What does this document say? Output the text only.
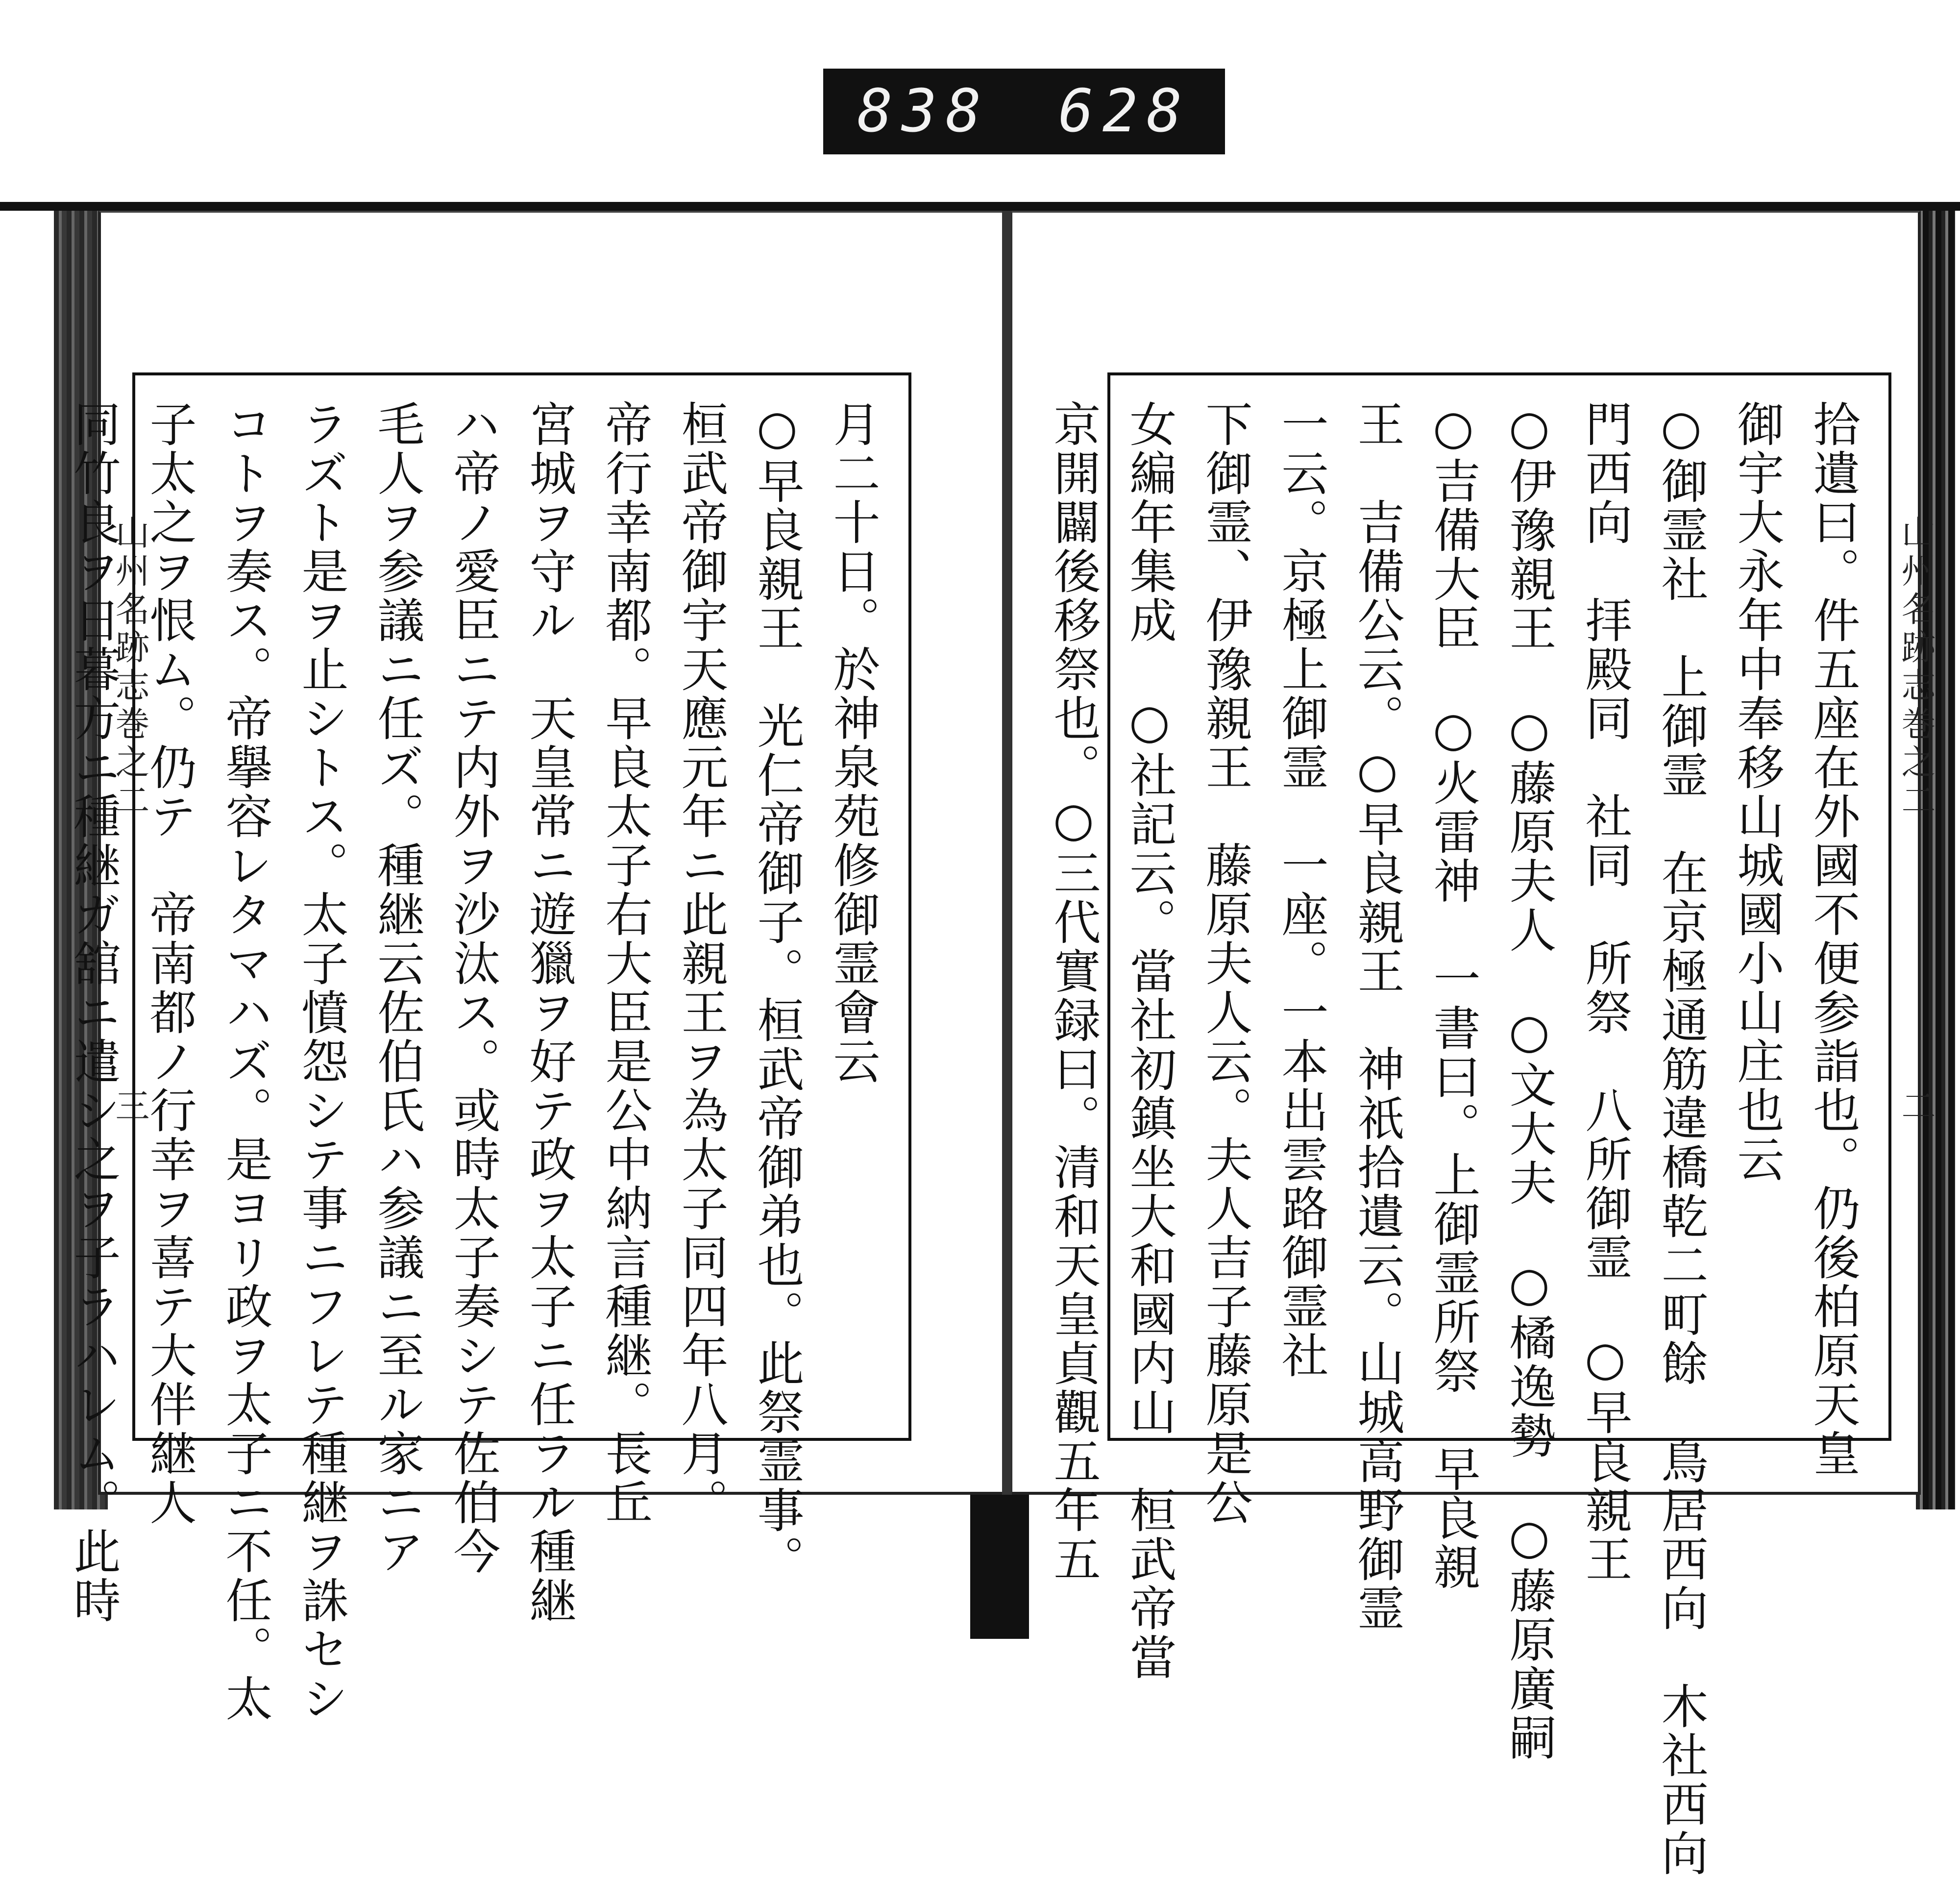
838 628
山州名跡志巻之二
三
山州名跡志巻之二
二
拾遺曰。件五座在外國不便参詣也。仍後柏原天皇
御宇大永年中奉移山城國小山庄也云
○御霊社　上御霊　在京極通筋違橋乾二町餘　鳥居西向　木社西向
門西向　拝殿同　社同　所祭　八所御霊　○早良親王
○伊豫親王　○藤原夫人　○文大夫　○橘逸勢　○藤原廣嗣
○吉備大臣　○火雷神　一書曰。上御霊所祭　早良親
王　吉備公云。○早良親王　神祇拾遺云。山城高野御霊
一云。京極上御霊　一座。一本出雲路御霊社
下御霊、伊豫親王　藤原夫人云。夫人吉子藤原是公
女編年集成　○社記云。當社初鎮坐大和國内山　桓武帝當
京開闢後移祭也。○三代實録曰。清和天皇貞觀五年五
月二十日。於神泉苑修御霊會云
○早良親王　光仁帝御子。桓武帝御弟也。此祭霊事。
桓武帝御宇天應元年ニ此親王ヲ為太子同四年八月。
帝行幸南都。早良太子右大臣是公中納言種継。長丘
宮城ヲ守ル　天皇常ニ遊獵ヲ好テ政ヲ太子ニ任ラル種継
ハ帝ノ愛臣ニテ内外ヲ沙汰ス。或時太子奏シテ佐伯今
毛人ヲ参議ニ任ズ。種継云佐伯氏ハ参議ニ至ル家ニア
ラズト是ヲ止シトス。太子憤怨シテ事ニフレテ種継ヲ誅セシ
コトヲ奏ス。帝擧容レタマハズ。是ヨリ政ヲ太子ニ不任。太
子太之ヲ恨ム。仍テ　帝南都ノ行幸ヲ喜テ大伴継人
同竹良ヲ日暮方ニ種継ガ舘ニ遣シ之ヲ子ラハレム。此時
